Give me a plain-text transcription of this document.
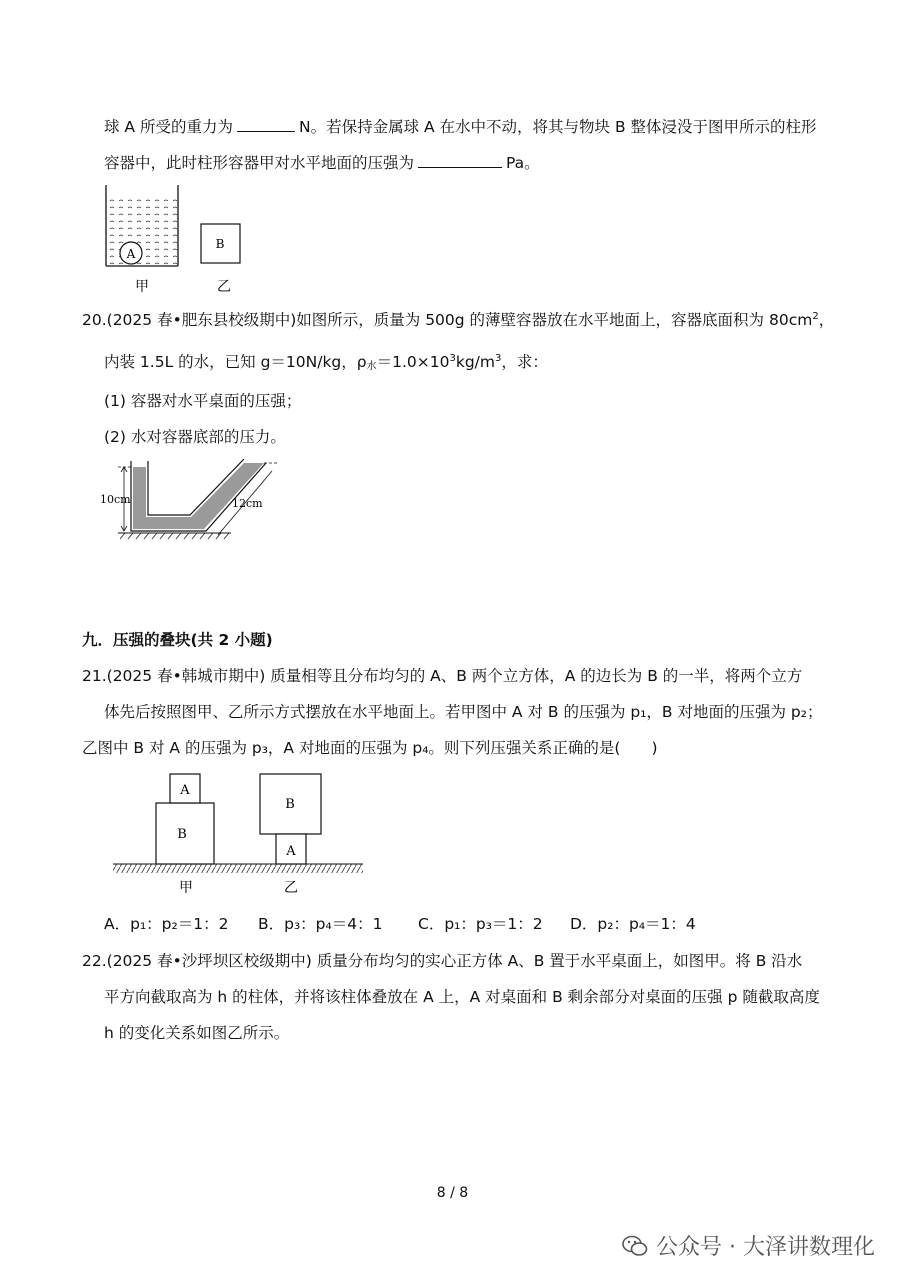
球 A 所受的重力为	N。若保持金属球 A 在水中不动，将其与物块 B 整体浸没于图甲所示的柱形
容器中，此时柱形容器甲对水平地面的压强为	Pa。
A
B
甲	乙
20.(2025 春•肥东县校级期中)如图所示，质量为 500g 的薄壁容器放在水平地面上，容器底面积为 $80cm^2$，
内装 1.5L 的水，已知 g＝10N/kg，$\rho_水=1.0\times 10^3kg/m^3$，求：
(1) 容器对水平桌面的压强；
(2) 水对容器底部的压力。
10cm	12cm
九．压强的叠块(共 2 小题)
21.(2025 春•韩城市期中) 质量相等且分布均匀的 A、B 两个立方体，A 的边长为 B 的一半，将两个立方
体先后按照图甲、乙所示方式摆放在水平地面上。若甲图中 A 对 B 的压强为 p₁，B 对地面的压强为 p₂；
乙图中 B 对 A 的压强为 p₃，A 对地面的压强为 p₄。则下列压强关系正确的是(　　)
A
B
B
A
甲	乙
A．p₁：p₂＝1：2 B．p₃：p₄＝4：1 C．p₁：p₃＝1：2 D．p₂：p₄＝1：4
22.(2025 春•沙坪坝区校级期中) 质量分布均匀的实心正方体 A、B 置于水平桌面上，如图甲。将 B 沿水
平方向截取高为 h 的柱体，并将该柱体叠放在 A 上，A 对桌面和 B 剩余部分对桌面的压强 p 随截取高度
h 的变化关系如图乙所示。
8 / 8
公众号 · 大泽讲数理化
